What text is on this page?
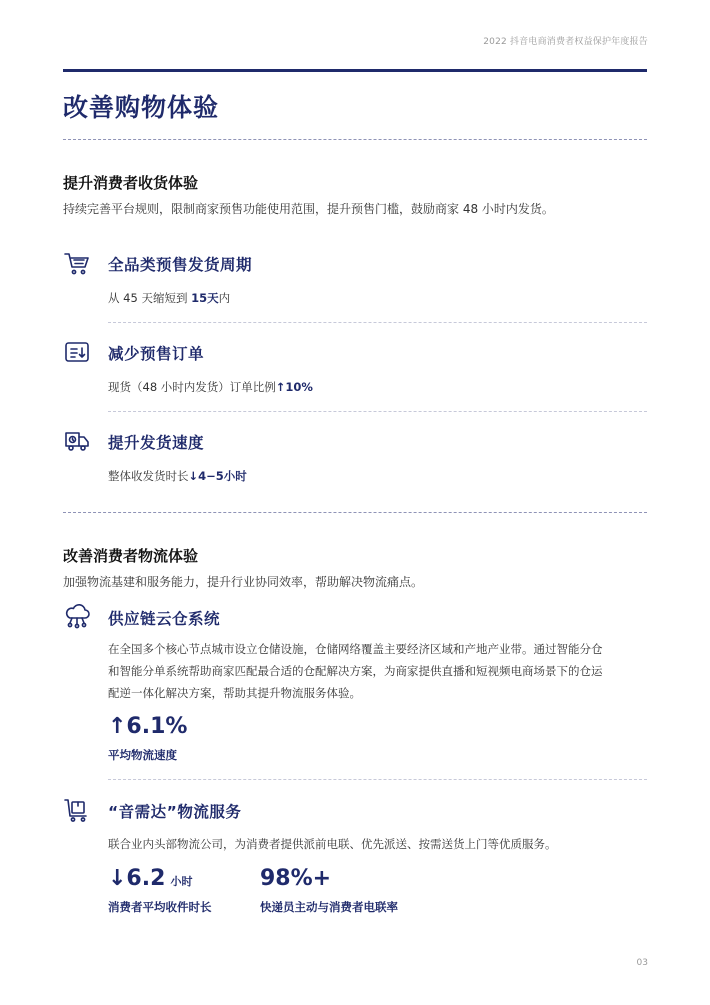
2022 抖音电商消费者权益保护年度报告
改善购物体验
提升消费者收货体验
持续完善平台规则，限制商家预售功能使用范围，提升预售门槛，鼓励商家 48 小时内发货。
全品类预售发货周期
从 45 天缩短到 15天内
减少预售订单
现货（48 小时内发货）订单比例↑10%
提升发货速度
整体收发货时长↓4−5小时
改善消费者物流体验
加强物流基建和服务能力，提升行业协同效率，帮助解决物流痛点。
供应链云仓系统
在全国多个核心节点城市设立仓储设施，仓储网络覆盖主要经济区域和产地产业带。通过智能分仓
和智能分单系统帮助商家匹配最合适的仓配解决方案，为商家提供直播和短视频电商场景下的仓运
配逆一体化解决方案，帮助其提升物流服务体验。
↑6.1%
平均物流速度
“音需达”物流服务
联合业内头部物流公司，为消费者提供派前电联、优先派送、按需送货上门等优质服务。
↓6.2 小时
消费者平均收件时长
98%+
快递员主动与消费者电联率
03
